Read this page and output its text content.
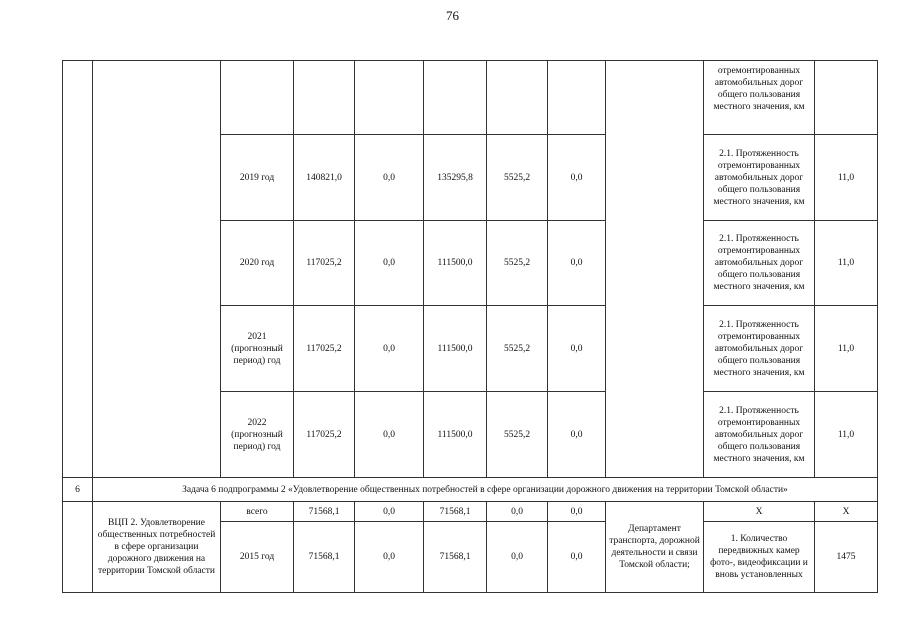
76
									отремонтированных автомобильных дорог общего пользования местного значения, км	
		2019 год	140821,0	0,0	135295,8	5525,2	0,0		2.1. Протяженность отремонтированных автомобильных дорог общего пользования местного значения, км	11,0
		2020 год	117025,2	0,0	111500,0	5525,2	0,0		2.1. Протяженность отремонтированных автомобильных дорог общего пользования местного значения, км	11,0
		2021 (прогнозный период) год	117025,2	0,0	111500,0	5525,2	0,0		2.1. Протяженность отремонтированных автомобильных дорог общего пользования местного значения, км	11,0
		2022 (прогнозный период) год	117025,2	0,0	111500,0	5525,2	0,0		2.1. Протяженность отремонтированных автомобильных дорог общего пользования местного значения, км	11,0
6	Задача 6 подпрограммы 2 «Удовлетворение общественных потребностей в сфере организации дорожного движения на территории Томской области»									
	ВЦП 2. Удовлетворение общественных потребностей в сфере организации дорожного движения на территории Томской области	всего	71568,1	0,0	71568,1	0,0	0,0	Департамент транспорта, дорожной деятельности и связи Томской области;	Х	Х
		2015 год	71568,1	0,0	71568,1	0,0	0,0		1. Количество передвижных камер фото-, видеофиксации и вновь установленных	1475
